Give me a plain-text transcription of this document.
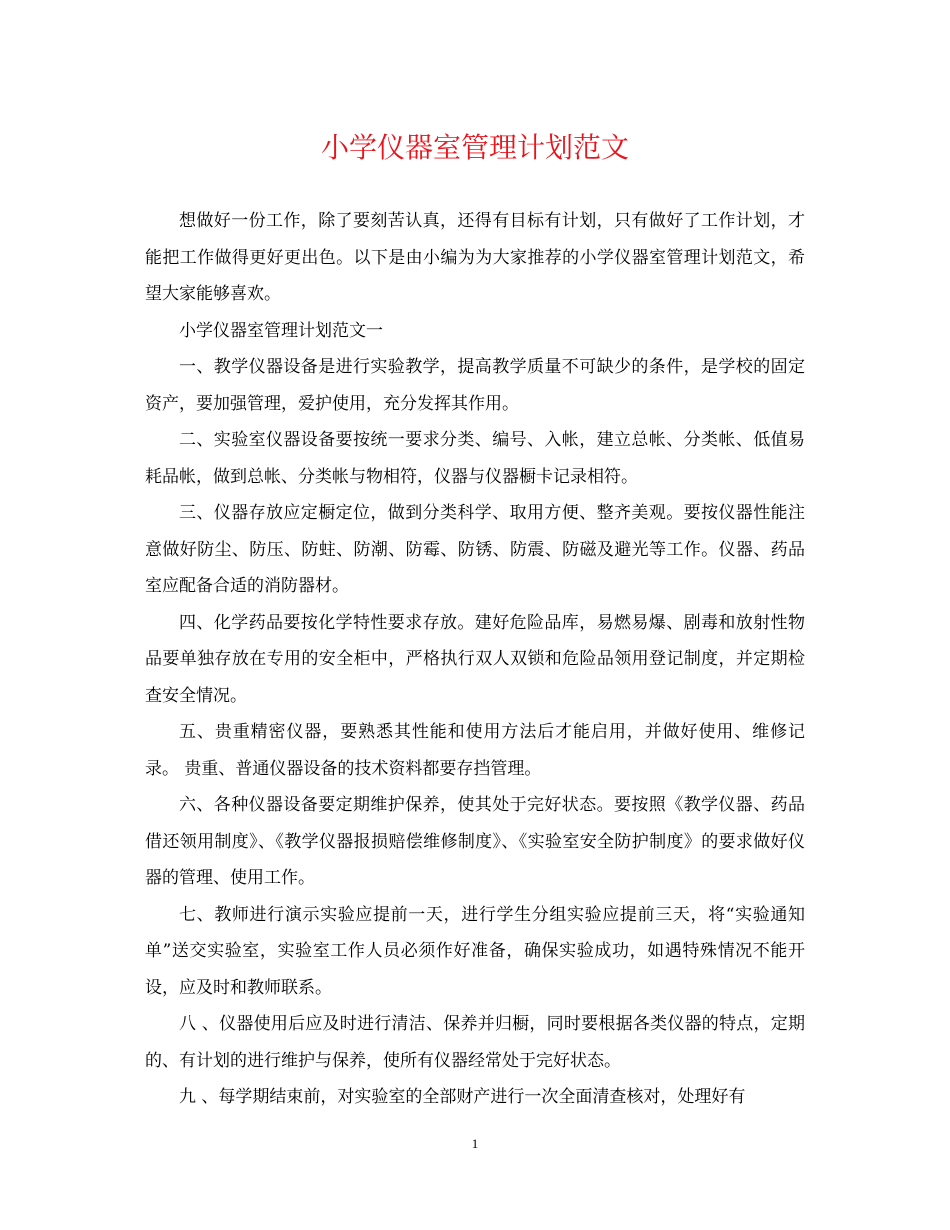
小学仪器室管理计划范文

想做好一份工作，除了要刻苦认真，还得有目标有计划，只有做好了工作计划，才能把工作做得更好更出色。以下是由小编为为大家推荐的小学仪器室管理计划范文，希望大家能够喜欢。

小学仪器室管理计划范文一

一、教学仪器设备是进行实验教学，提高教学质量不可缺少的条件，是学校的固定资产，要加强管理，爱护使用，充分发挥其作用。

二、实验室仪器设备要按统一要求分类、编号、入帐，建立总帐、分类帐、低值易耗品帐，做到总帐、分类帐与物相符，仪器与仪器橱卡记录相符。

三、仪器存放应定橱定位，做到分类科学、取用方便、整齐美观。要按仪器性能注意做好防尘、防压、防蛀、防潮、防霉、防锈、防震、防磁及避光等工作。仪器、药品室应配备合适的消防器材。

四、化学药品要按化学特性要求存放。建好危险品库，易燃易爆、剧毒和放射性物品要单独存放在专用的安全柜中，严格执行双人双锁和危险品领用登记制度，并定期检查安全情况。

五、贵重精密仪器，要熟悉其性能和使用方法后才能启用，并做好使用、维修记录。 贵重、普通仪器设备的技术资料都要存挡管理。

六、各种仪器设备要定期维护保养，使其处于完好状态。要按照《教学仪器、药品借还领用制度》、《教学仪器报损赔偿维修制度》、《实验室安全防护制度》的要求做好仪器的管理、使用工作。

七、教师进行演示实验应提前一天，进行学生分组实验应提前三天，将“实验通知单”送交实验室，实验室工作人员必须作好准备，确保实验成功，如遇特殊情况不能开设，应及时和教师联系。

八 、仪器使用后应及时进行清洁、保养并归橱，同时要根据各类仪器的特点，定期的、有计划的进行维护与保养，使所有仪器经常处于完好状态。

九 、每学期结束前，对实验室的全部财产进行一次全面清查核对，处理好有

1
